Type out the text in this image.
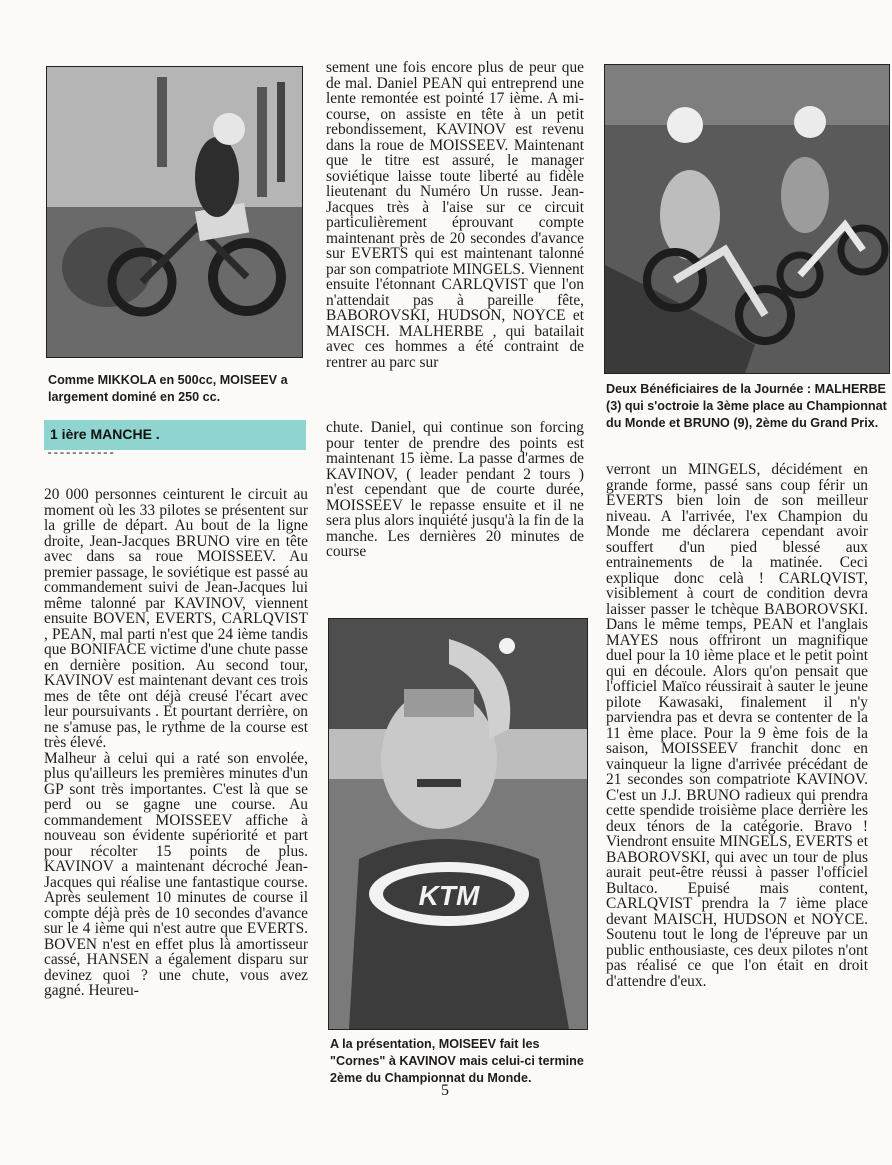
Comme MIKKOLA en 500cc, MOISEEV a largement dominé en 250 cc.
1 ière MANCHE .
-----------
20 000 personnes ceinturent le circuit au moment où les 33 pilotes se présentent sur la grille de départ. Au bout de la ligne droite, Jean-Jacques BRUNO vire en tête avec dans sa roue MOISSEEV. Au premier passage, le soviétique est passé au commandement suivi de Jean-Jacques lui même talonné par KAVINOV, viennent ensuite BOVEN, EVERTS, CARLQVIST , PEAN, mal parti n'est que 24 ième tandis que BONIFACE victime d'une chute passe en dernière position. Au second tour, KAVINOV est maintenant devant ces trois mes de tête ont déjà creusé l'écart avec leur poursuivants . Et pourtant derrière, on ne s'amuse pas, le rythme de la course est très élevé.
Malheur à celui qui a raté son envolée, plus qu'ailleurs les premières minutes d'un GP sont très importantes. C'est là que se perd ou se gagne une course. Au commandement MOISSEEV affiche à nouveau son évidente supériorité et part pour récolter 15 points de plus. KAVINOV a maintenant décroché Jean-Jacques qui réalise une fantastique course. Après seulement 10 minutes de course il compte déjà près de 10 secondes d'avance sur le 4 ième qui n'est autre que EVERTS. BOVEN n'est en effet plus là amortisseur cassé, HANSEN a également disparu sur devinez quoi ? une chute, vous avez gagné. Heureu-
sement une fois encore plus de peur que de mal. Daniel PEAN qui entreprend une lente remontée est pointé 17 ième. A mi-course, on assiste en tête à un petit rebondissement, KAVINOV est revenu dans la roue de MOISSEEV. Maintenant que le titre est assuré, le manager soviétique laisse toute liberté au fidèle lieutenant du Numéro Un russe. Jean-Jacques très à l'aise sur ce circuit particulièrement éprouvant compte maintenant près de 20 secondes d'avance sur EVERTS qui est maintenant talonné par son compatriote MINGELS. Viennent ensuite l'étonnant CARLQVIST que l'on n'attendait pas à pareille fête, BABOROVSKI, HUDSON, NOYCE et MAISCH. MALHERBE , qui batailait avec ces hommes a été contraint de rentrer au parc sur
chute. Daniel, qui continue son forcing pour tenter de prendre des points est maintenant 15 ième. La passe d'armes de KAVINOV, ( leader pendant 2 tours ) n'est cependant que de courte durée, MOISSEEV le repasse ensuite et il ne sera plus alors inquiété jusqu'à la fin de la manche. Les dernières 20 minutes de course
KTM
A la présentation, MOISEEV fait les "Cornes" à KAVINOV mais celui-ci termine 2ème du Championnat du Monde.
Deux Bénéficiaires de la Journée : MALHERBE (3) qui s'octroie la 3ème place au Championnat du Monde et BRUNO (9), 2ème du Grand Prix.
verront un MINGELS, décidément en grande forme, passé sans coup férir un EVERTS bien loin de son meilleur niveau. A l'arrivée, l'ex Champion du Monde me déclarera cependant avoir souffert d'un pied blessé aux entrainements de la matinée. Ceci explique donc celà ! CARLQVIST, visiblement à court de condition devra laisser passer le tchèque BABOROVSKI. Dans le même temps, PEAN et l'anglais MAYES nous offriront un magnifique duel pour la 10 ième place et le petit point qui en découle. Alors qu'on pensait que l'officiel Maïco réussirait à sauter le jeune pilote Kawasaki, finalement il n'y parviendra pas et devra se contenter de la 11 ème place. Pour la 9 ème fois de la saison, MOISSEEV franchit donc en vainqueur la ligne d'arrivée précédant de 21 secondes son compatriote KAVINOV. C'est un J.J. BRUNO radieux qui prendra cette spendide troisième place derrière les deux ténors de la catégorie. Bravo ! Viendront ensuite MINGELS, EVERTS et BABOROVSKI, qui avec un tour de plus aurait peut-être réussi à passer l'officiel Bultaco. Epuisé mais content, CARLQVIST prendra la 7 ième place devant MAISCH, HUDSON et NOYCE. Soutenu tout le long de l'épreuve par un public enthousiaste, ces deux pilotes n'ont pas réalisé ce que l'on était en droit d'attendre d'eux.
5
